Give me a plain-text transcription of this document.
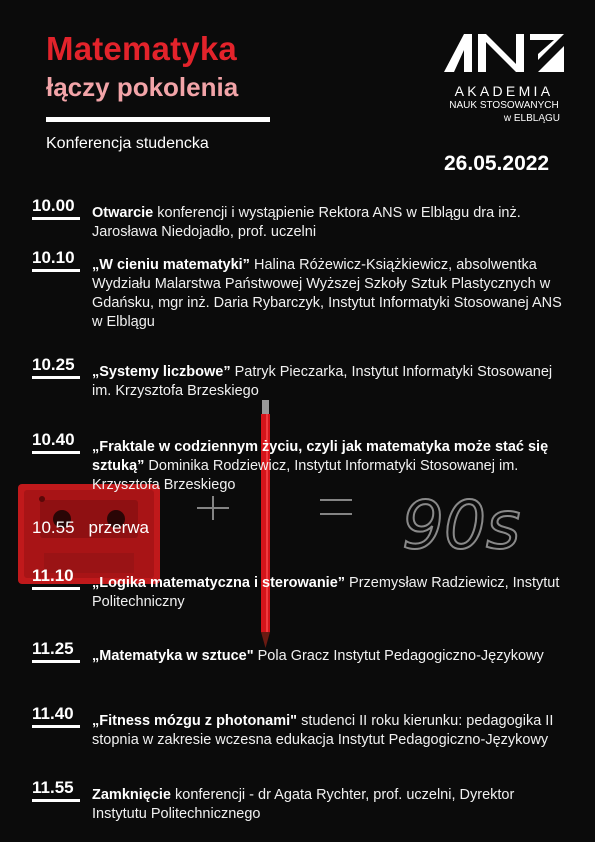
90s
Matematyka
łączy pokolenia
Konferencja studencka
26.05.2022
AKADEMIA
NAUK STOSOWANYCH
w ELBLĄGU
10.00	Otwarcie konferencji i wystąpienie Rektora ANS w Elblągu dra inż. Jarosława Niedojadło, prof. uczelni
10.10	„W cieniu matematyki” Halina Różewicz-Książkiewicz, absolwentka Wydziału Malarstwa Państwowej Wyższej Szkoły Sztuk Plastycznych w Gdańsku, mgr inż. Daria Rybarczyk, Instytut Informatyki Stosowanej ANS w Elblągu
10.25	„Systemy liczbowe” Patryk Pieczarka, Instytut Informatyki Stosowanej im. Krzysztofa Brzeskiego
10.40	„Fraktale w codziennym życiu, czyli jak matematyka może stać się sztuką” Dominika Rodziewicz, Instytut Informatyki Stosowanej im. Krzysztofa Brzeskiego
10.55 przerwa
11.10	„Logika matematyczna i sterowanie” Przemysław Radziewicz, Instytut Politechniczny
11.25	„Matematyka w sztuce" Pola Gracz Instytut Pedagogiczno-Językowy
11.40	„Fitness mózgu z photonami" studenci II roku kierunku: pedagogika II stopnia w zakresie wczesna edukacja Instytut Pedagogiczno-Językowy
11.55	Zamknięcie konferencji - dr Agata Rychter, prof. uczelni, Dyrektor Instytutu Politechnicznego
